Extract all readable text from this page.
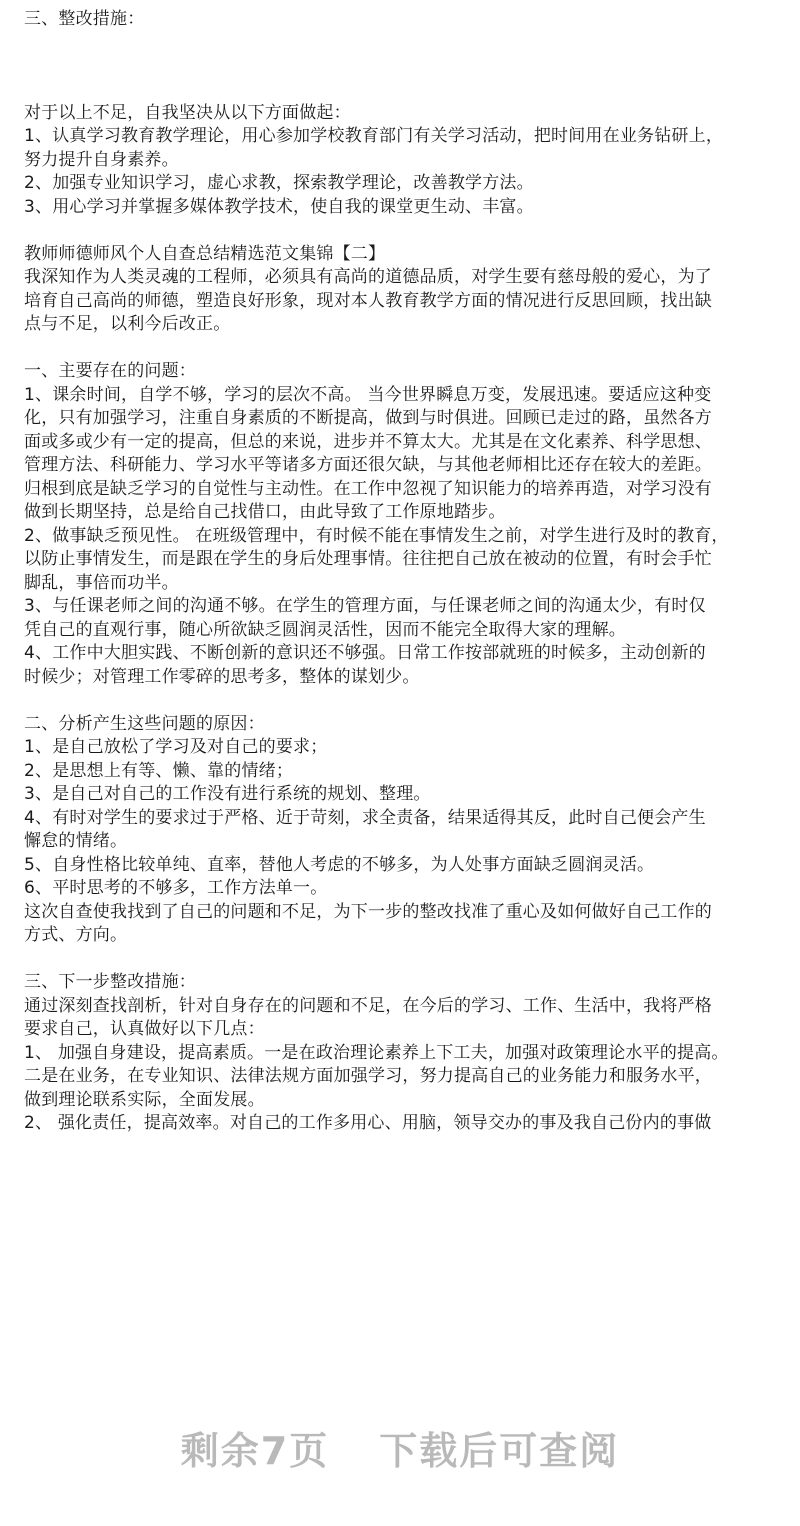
三、整改措施：
对于以上不足，自我坚决从以下方面做起：
1、认真学习教育教学理论，用心参加学校教育部门有关学习活动，把时间用在业务钻研上，
努力提升自身素养。
2、加强专业知识学习，虚心求教，探索教学理论，改善教学方法。
3、用心学习并掌握多媒体教学技术，使自我的课堂更生动、丰富。
教师师德师风个人自查总结精选范文集锦【二】
我深知作为人类灵魂的工程师，必须具有高尚的道德品质，对学生要有慈母般的爱心，为了
培育自己高尚的师德，塑造良好形象，现对本人教育教学方面的情况进行反思回顾，找出缺
点与不足，以利今后改正。
一、主要存在的问题：
1、课余时间，自学不够，学习的层次不高。 当今世界瞬息万变，发展迅速。要适应这种变
化，只有加强学习，注重自身素质的不断提高，做到与时俱进。回顾已走过的路，虽然各方
面或多或少有一定的提高，但总的来说，进步并不算太大。尤其是在文化素养、科学思想、
管理方法、科研能力、学习水平等诸多方面还很欠缺，与其他老师相比还存在较大的差距。
归根到底是缺乏学习的自觉性与主动性。在工作中忽视了知识能力的培养再造，对学习没有
做到长期坚持，总是给自己找借口，由此导致了工作原地踏步。
2、做事缺乏预见性。 在班级管理中，有时候不能在事情发生之前，对学生进行及时的教育，
以防止事情发生，而是跟在学生的身后处理事情。往往把自己放在被动的位置，有时会手忙
脚乱，事倍而功半。
3、与任课老师之间的沟通不够。在学生的管理方面，与任课老师之间的沟通太少，有时仅
凭自己的直观行事，随心所欲缺乏圆润灵活性，因而不能完全取得大家的理解。
4、工作中大胆实践、不断创新的意识还不够强。日常工作按部就班的时候多，主动创新的
时候少；对管理工作零碎的思考多，整体的谋划少。
二、分析产生这些问题的原因：
1、是自己放松了学习及对自己的要求；
2、是思想上有等、懒、靠的情绪；
3、是自己对自己的工作没有进行系统的规划、整理。
4、有时对学生的要求过于严格、近于苛刻，求全责备，结果适得其反，此时自己便会产生
懈怠的情绪。
5、自身性格比较单纯、直率，替他人考虑的不够多，为人处事方面缺乏圆润灵活。
6、平时思考的不够多，工作方法单一。
这次自查使我找到了自己的问题和不足，为下一步的整改找准了重心及如何做好自己工作的
方式、方向。
三、下一步整改措施：
通过深刻查找剖析，针对自身存在的问题和不足，在今后的学习、工作、生活中，我将严格
要求自己，认真做好以下几点：
1、 加强自身建设，提高素质。一是在政治理论素养上下工夫，加强对政策理论水平的提高。
二是在业务，在专业知识、法律法规方面加强学习，努力提高自己的业务能力和服务水平，
做到理论联系实际，全面发展。
2、 强化责任，提高效率。对自己的工作多用心、用脑，领导交办的事及我自己份内的事做
剩余7页 下载后可查阅
